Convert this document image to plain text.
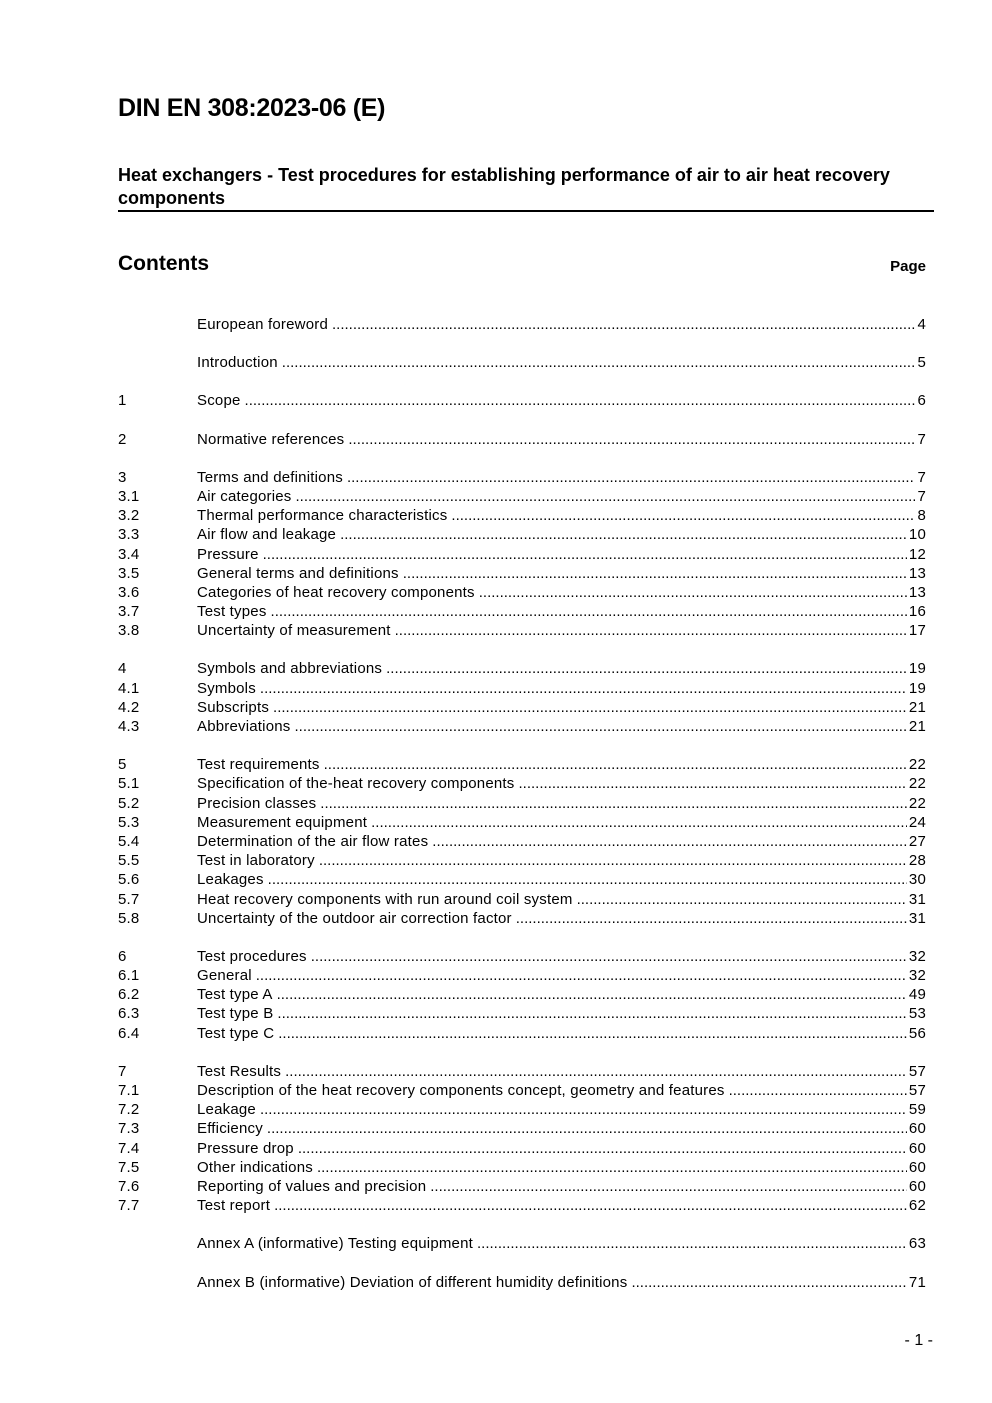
DIN EN 308:2023-06 (E)
Heat exchangers - Test procedures for establishing performance of air to air heat recovery components
Contents	Page
European foreword .....	4
Introduction .....	5
1	Scope .....	6
2	Normative references .....	7
3	Terms and definitions .....	7
3.1	Air categories .....	7
3.2	Thermal performance characteristics .....	8
3.3	Air flow and leakage .....	10
3.4	Pressure .....	12
3.5	General terms and definitions .....	13
3.6	Categories of heat recovery components .....	13
3.7	Test types .....	16
3.8	Uncertainty of measurement .....	17
4	Symbols and abbreviations .....	19
4.1	Symbols .....	19
4.2	Subscripts .....	21
4.3	Abbreviations .....	21
5	Test requirements .....	22
5.1	Specification of the-heat recovery components .....	22
5.2	Precision classes .....	22
5.3	Measurement equipment .....	24
5.4	Determination of the air flow rates .....	27
5.5	Test in laboratory .....	28
5.6	Leakages .....	30
5.7	Heat recovery components with run around coil system .....	31
5.8	Uncertainty of the outdoor air correction factor .....	31
6	Test procedures .....	32
6.1	General .....	32
6.2	Test type A .....	49
6.3	Test type B .....	53
6.4	Test type C .....	56
7	Test Results .....	57
7.1	Description of the heat recovery components concept, geometry and features .....	57
7.2	Leakage .....	59
7.3	Efficiency .....	60
7.4	Pressure drop .....	60
7.5	Other indications .....	60
7.6	Reporting of values and precision .....	60
7.7	Test report .....	62
Annex A (informative) Testing equipment .....	63
Annex B (informative) Deviation of different humidity definitions .....	71
- 1 -
